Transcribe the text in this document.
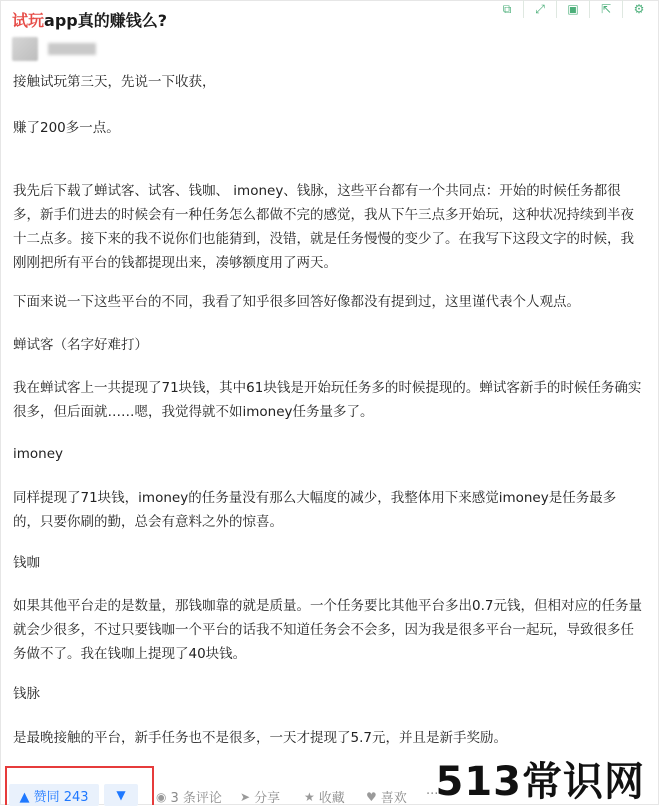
试玩app真的赚钱么?
⧉	⤢	▣	⇱	⚙
接触试玩第三天，先说一下收获，
赚了200多一点。
我先后下载了蝉试客、试客、钱咖、 imoney、钱脉，这些平台都有一个共同点：开始的时候任务都很多，新手们进去的时候会有一种任务怎么都做不完的感觉，我从下午三点多开始玩，这种状况持续到半夜十二点多。接下来的我不说你们也能猜到，没错，就是任务慢慢的变少了。在我写下这段文字的时候，我刚刚把所有平台的钱都提现出来，凑够额度用了两天。
下面来说一下这些平台的不同，我看了知乎很多回答好像都没有提到过，这里谨代表个人观点。
蝉试客（名字好难打）
我在蝉试客上一共提现了71块钱，其中61块钱是开始玩任务多的时候提现的。蝉试客新手的时候任务确实很多，但后面就……嗯，我觉得就不如imoney任务量多了。
imoney
同样提现了71块钱，imoney的任务量没有那么大幅度的减少，我整体用下来感觉imoney是任务最多的，只要你刷的勤，总会有意料之外的惊喜。
钱咖
如果其他平台走的是数量，那钱咖靠的就是质量。一个任务要比其他平台多出0.7元钱，但相对应的任务量就会少很多，不过只要钱咖一个平台的话我不知道任务会不会多，因为我是很多平台一起玩，导致很多任务做不了。我在钱咖上提现了40块钱。
钱脉
是最晚接触的平台，新手任务也不是很多，一天才提现了5.7元，并且是新手奖励。
▲ 赞同 243	▼	◉ 3 条评论 ➤ 分享 ★ 收藏 ♥ 喜欢 ···
513常识网
